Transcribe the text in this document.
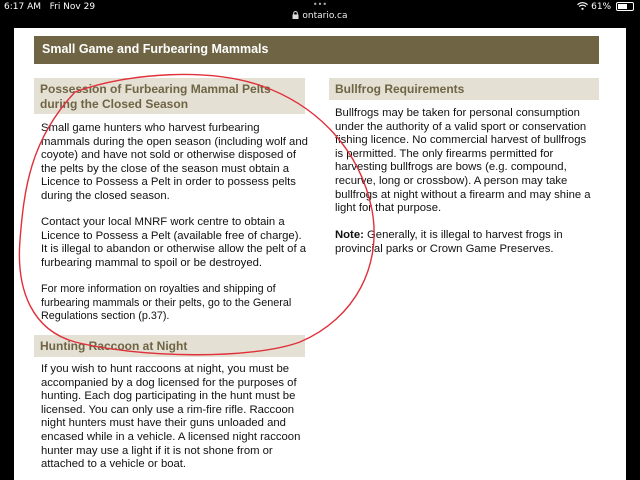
6:17 AM Fri Nov 29	•••
ontario.ca
61%
Small Game and Furbearing Mammals
Possession of Furbearing Mammal Pelts during the Closed Season

Small game hunters who harvest furbearing mammals during the open season (including wolf and coyote) and have not sold or otherwise disposed of the pelts by the close of the season must obtain a Licence to Possess a Pelt in order to possess pelts during the closed season.

Contact your local MNRF work centre to obtain a Licence to Possess a Pelt (available free of charge). It is illegal to abandon or otherwise allow the pelt of a furbearing mammal to spoil or be destroyed.

For more information on royalties and shipping of furbearing mammals or their pelts, go to the General Regulations section (p.37).

Hunting Raccoon at Night

If you wish to hunt raccoons at night, you must be accompanied by a dog licensed for the purposes of hunting. Each dog participating in the hunt must be licensed. You can only use a rim-fire rifle. Raccoon night hunters must have their guns unloaded and encased while in a vehicle. A licensed night raccoon hunter may use a light if it is not shone from or attached to a vehicle or boat.

Bullfrog Requirements

Bullfrogs may be taken for personal consumption under the authority of a valid sport or conservation fishing licence. No commercial harvest of bullfrogs is permitted. The only firearms permitted for harvesting bullfrogs are bows (e.g. compound, recurve, long or crossbow). A person may take bullfrogs at night without a firearm and may shine a light for that purpose.

Note: Generally, it is illegal to harvest frogs in provincial parks or Crown Game Preserves.
